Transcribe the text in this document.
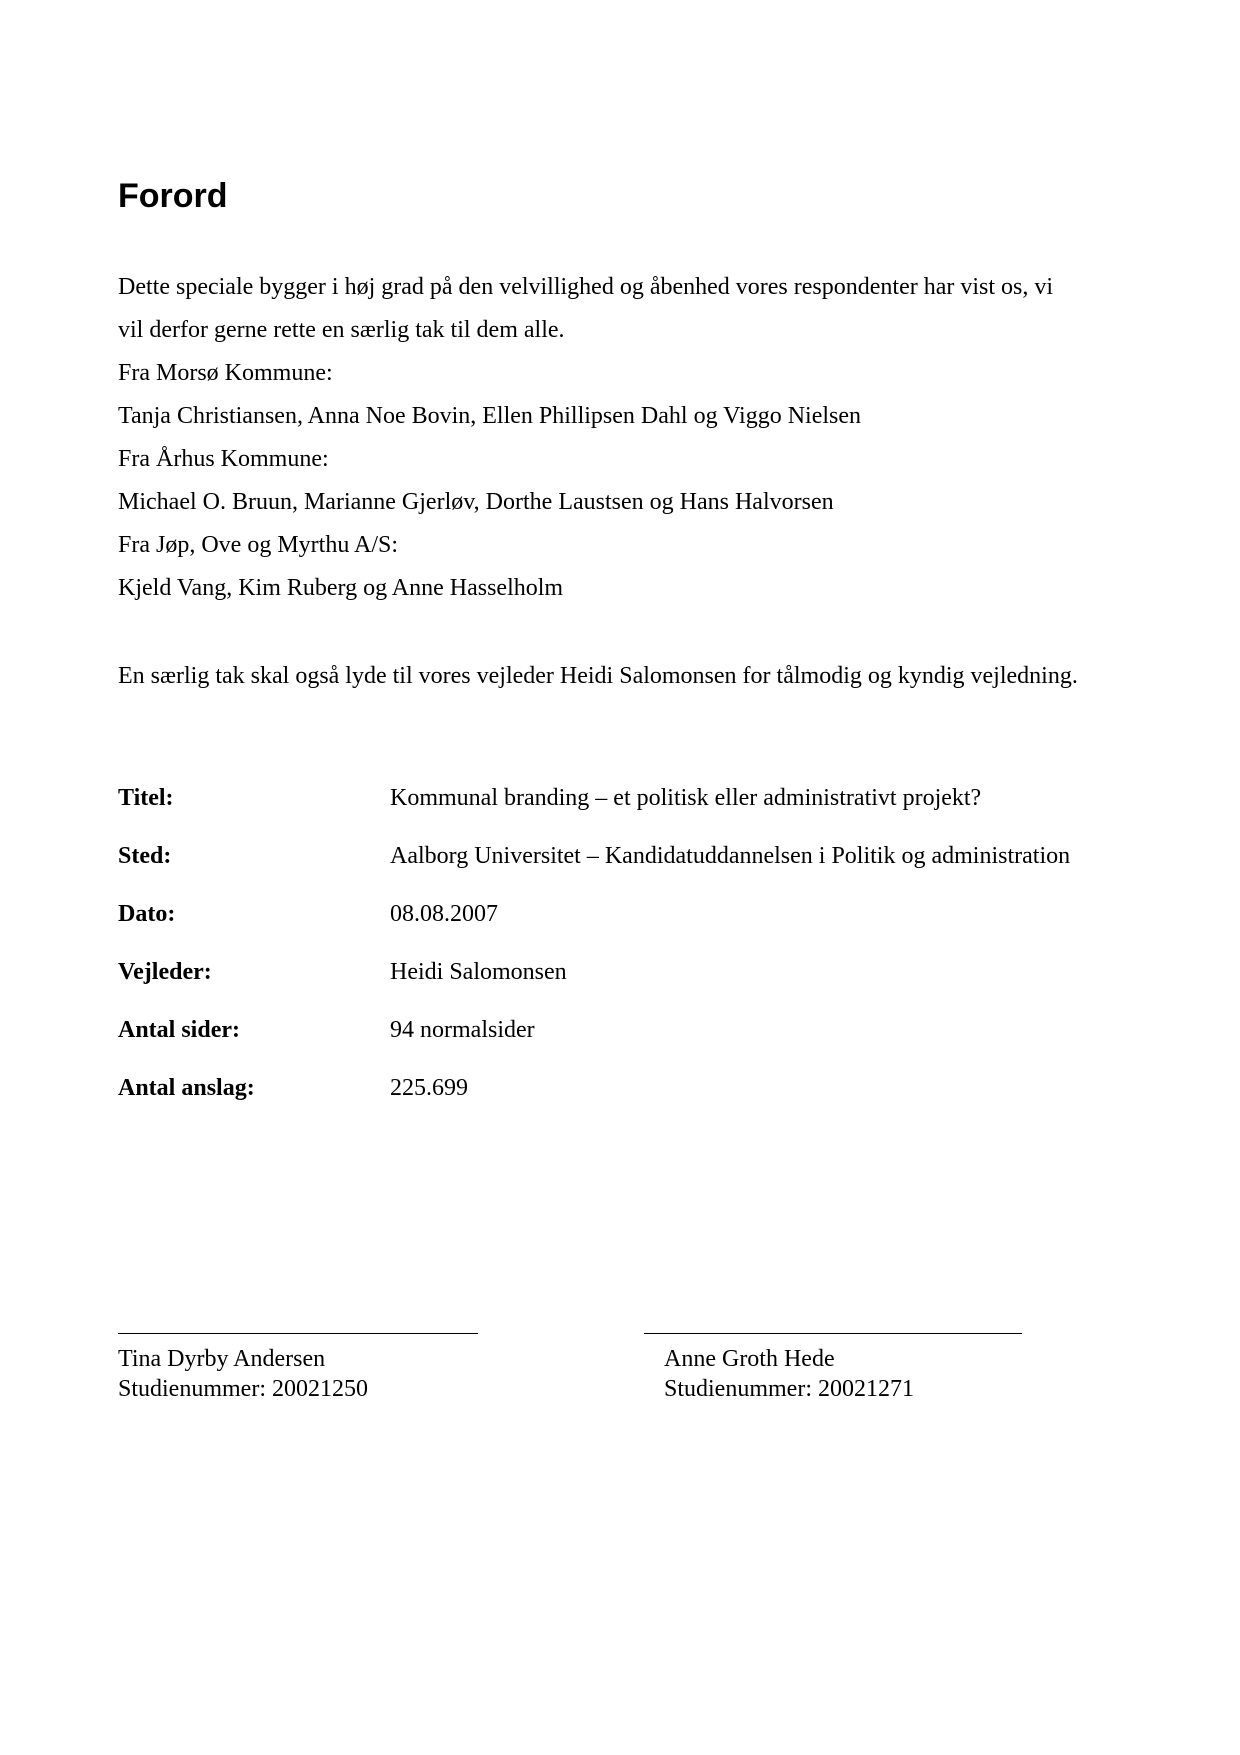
Forord
Dette speciale bygger i høj grad på den velvillighed og åbenhed vores respondenter har vist os, vi
vil derfor gerne rette en særlig tak til dem alle.
Fra Morsø Kommune:
Tanja Christiansen, Anna Noe Bovin, Ellen Phillipsen Dahl og Viggo Nielsen
Fra Århus Kommune:
Michael O. Bruun, Marianne Gjerløv, Dorthe Laustsen og Hans Halvorsen
Fra Jøp, Ove og Myrthu A/S:
Kjeld Vang, Kim Ruberg og Anne Hasselholm
En særlig tak skal også lyde til vores vejleder Heidi Salomonsen for tålmodig og kyndig vejledning.
Titel:	Kommunal branding – et politisk eller administrativt projekt?
Sted:	Aalborg Universitet – Kandidatuddannelsen i Politik og administration
Dato:	08.08.2007
Vejleder:	Heidi Salomonsen
Antal sider:	94 normalsider
Antal anslag:	225.699
Tina Dyrby Andersen
Studienummer: 20021250
Anne Groth Hede
Studienummer: 20021271
